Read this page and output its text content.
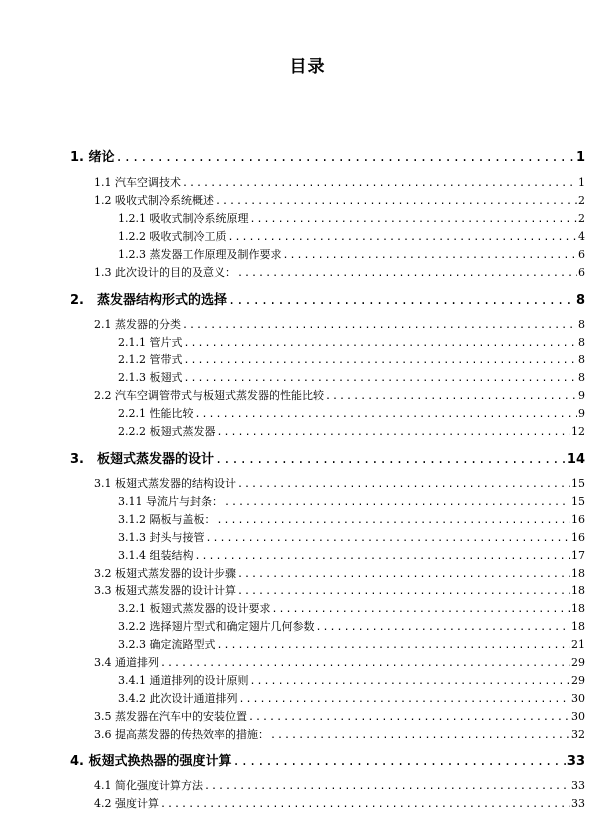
目录
1. 绪论 .....	1
1.1 汽车空调技术 .....	1
1.2 吸收式制冷系统概述 .....	2
1.2.1 吸收式制冷系统原理 .....	2
1.2.2 吸收式制冷工质 .....	4
1.2.3 蒸发器工作原理及制作要求 .....	6
1.3 此次设计的目的及意义： .....	6
2.　蒸发器结构形式的选择 .....	8
2.1 蒸发器的分类 .....	8
2.1.1 管片式 .....	8
2.1.2 管带式 .....	8
2.1.3 板翅式 .....	8
2.2 汽车空调管带式与板翅式蒸发器的性能比较 .....	9
2.2.1 性能比较 .....	9
2.2.2 板翅式蒸发器 .....	12
3.　板翅式蒸发器的设计 .....	14
3.1 板翅式蒸发器的结构设计 .....	15
3.11 导流片与封条： .....	15
3.1.2 隔板与盖板： .....	16
3.1.3 封头与接管 .....	16
3.1.4 组装结构 .....	17
3.2 板翅式蒸发器的设计步骤 .....	18
3.3 板翅式蒸发器的设计计算 .....	18
3.2.1 板翅式蒸发器的设计要求 .....	18
3.2.2 选择翅片型式和确定翅片几何参数 .....	18
3.2.3 确定流路型式 .....	21
3.4 通道排列 .....	29
3.4.1 通道排列的设计原则 .....	29
3.4.2 此次设计通道排列 .....	30
3.5 蒸发器在汽车中的安装位置 .....	30
3.6 提高蒸发器的传热效率的措施： .....	32
4. 板翅式换热器的强度计算 .....	33
4.1 简化强度计算方法 .....	33
4.2 强度计算 .....	33
